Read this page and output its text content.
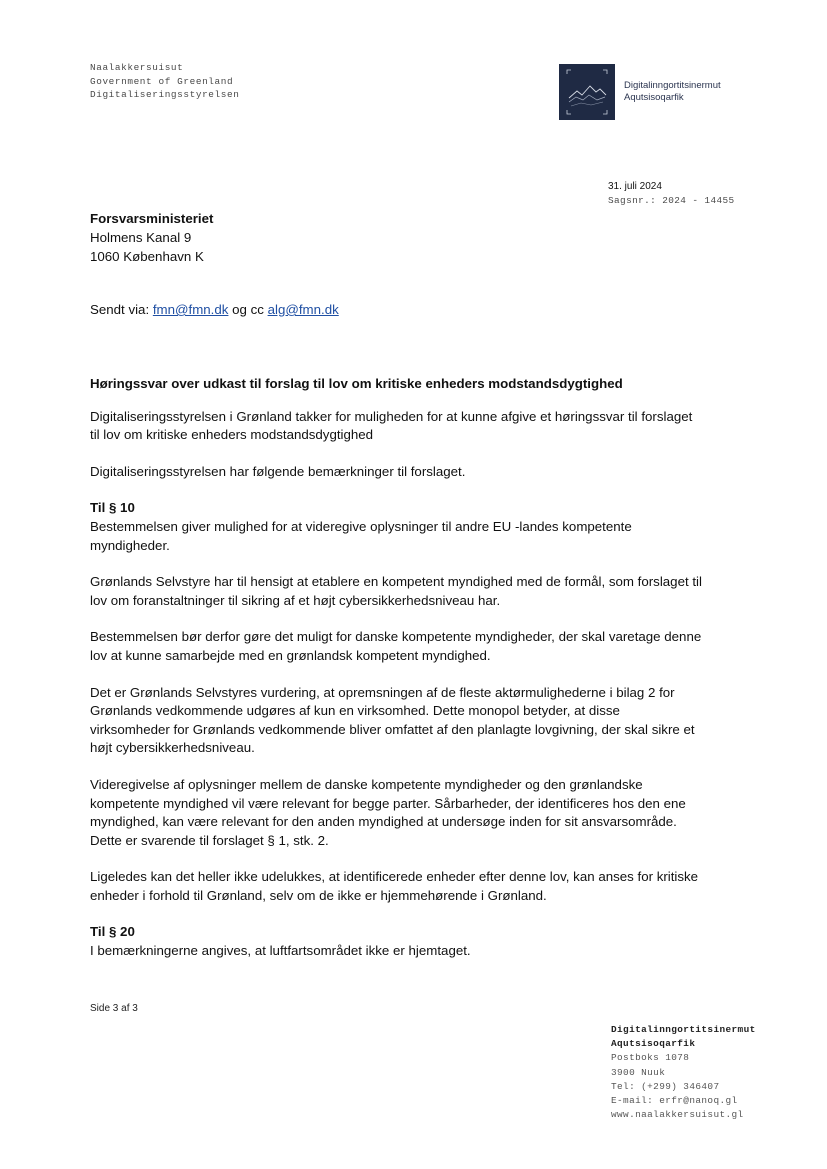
Naalakkersuisut
Government of Greenland
Digitaliseringsstyrelsen
Digitalinngortitsinermut
Aqutsisoqarfik
31. juli 2024
Sagsnr.: 2024 - 14455
Forsvarsministeriet
Holmens Kanal 9
1060 København K
Sendt via: fmn@fmn.dk og cc alg@fmn.dk
Høringssvar over udkast til forslag til lov om kritiske enheders modstandsdygtighed

Digitaliseringsstyrelsen i Grønland takker for muligheden for at kunne afgive et høringssvar til forslaget til lov om kritiske enheders modstandsdygtighed

Digitaliseringsstyrelsen har følgende bemærkninger til forslaget.

Til § 10

Bestemmelsen giver mulighed for at videregive oplysninger til andre EU -landes kompetente myndigheder.

Grønlands Selvstyre har til hensigt at etablere en kompetent myndighed med de formål, som forslaget til lov om foranstaltninger til sikring af et højt cybersikkerhedsniveau har.

Bestemmelsen bør derfor gøre det muligt for danske kompetente myndigheder, der skal varetage denne lov at kunne samarbejde med en grønlandsk kompetent myndighed.

Det er Grønlands Selvstyres vurdering, at opremsningen af de fleste aktørmulighederne i bilag 2 for Grønlands vedkommende udgøres af kun en virksomhed. Dette monopol betyder, at disse virksomheder for Grønlands vedkommende bliver omfattet af den planlagte lovgivning, der skal sikre et højt cybersikkerhedsniveau.

Videregivelse af oplysninger mellem de danske kompetente myndigheder og den grønlandske kompetente myndighed vil være relevant for begge parter. Sårbarheder, der identificeres hos den ene myndighed, kan være relevant for den anden myndighed at undersøge inden for sit ansvarsområde. Dette er svarende til forslaget § 1, stk. 2.

Ligeledes kan det heller ikke udelukkes, at identificerede enheder efter denne lov, kan anses for kritiske enheder i forhold til Grønland, selv om de ikke er hjemmehørende i Grønland.

Til § 20

I bemærkningerne angives, at luftfartsområdet ikke er hjemtaget.

Side 3 af 3
Digitalinngortitsinermut
Aqutsisoqarfik
Postboks 1078
3900 Nuuk
Tel: (+299) 346407
E-mail: erfr@nanoq.gl
www.naalakkersuisut.gl
